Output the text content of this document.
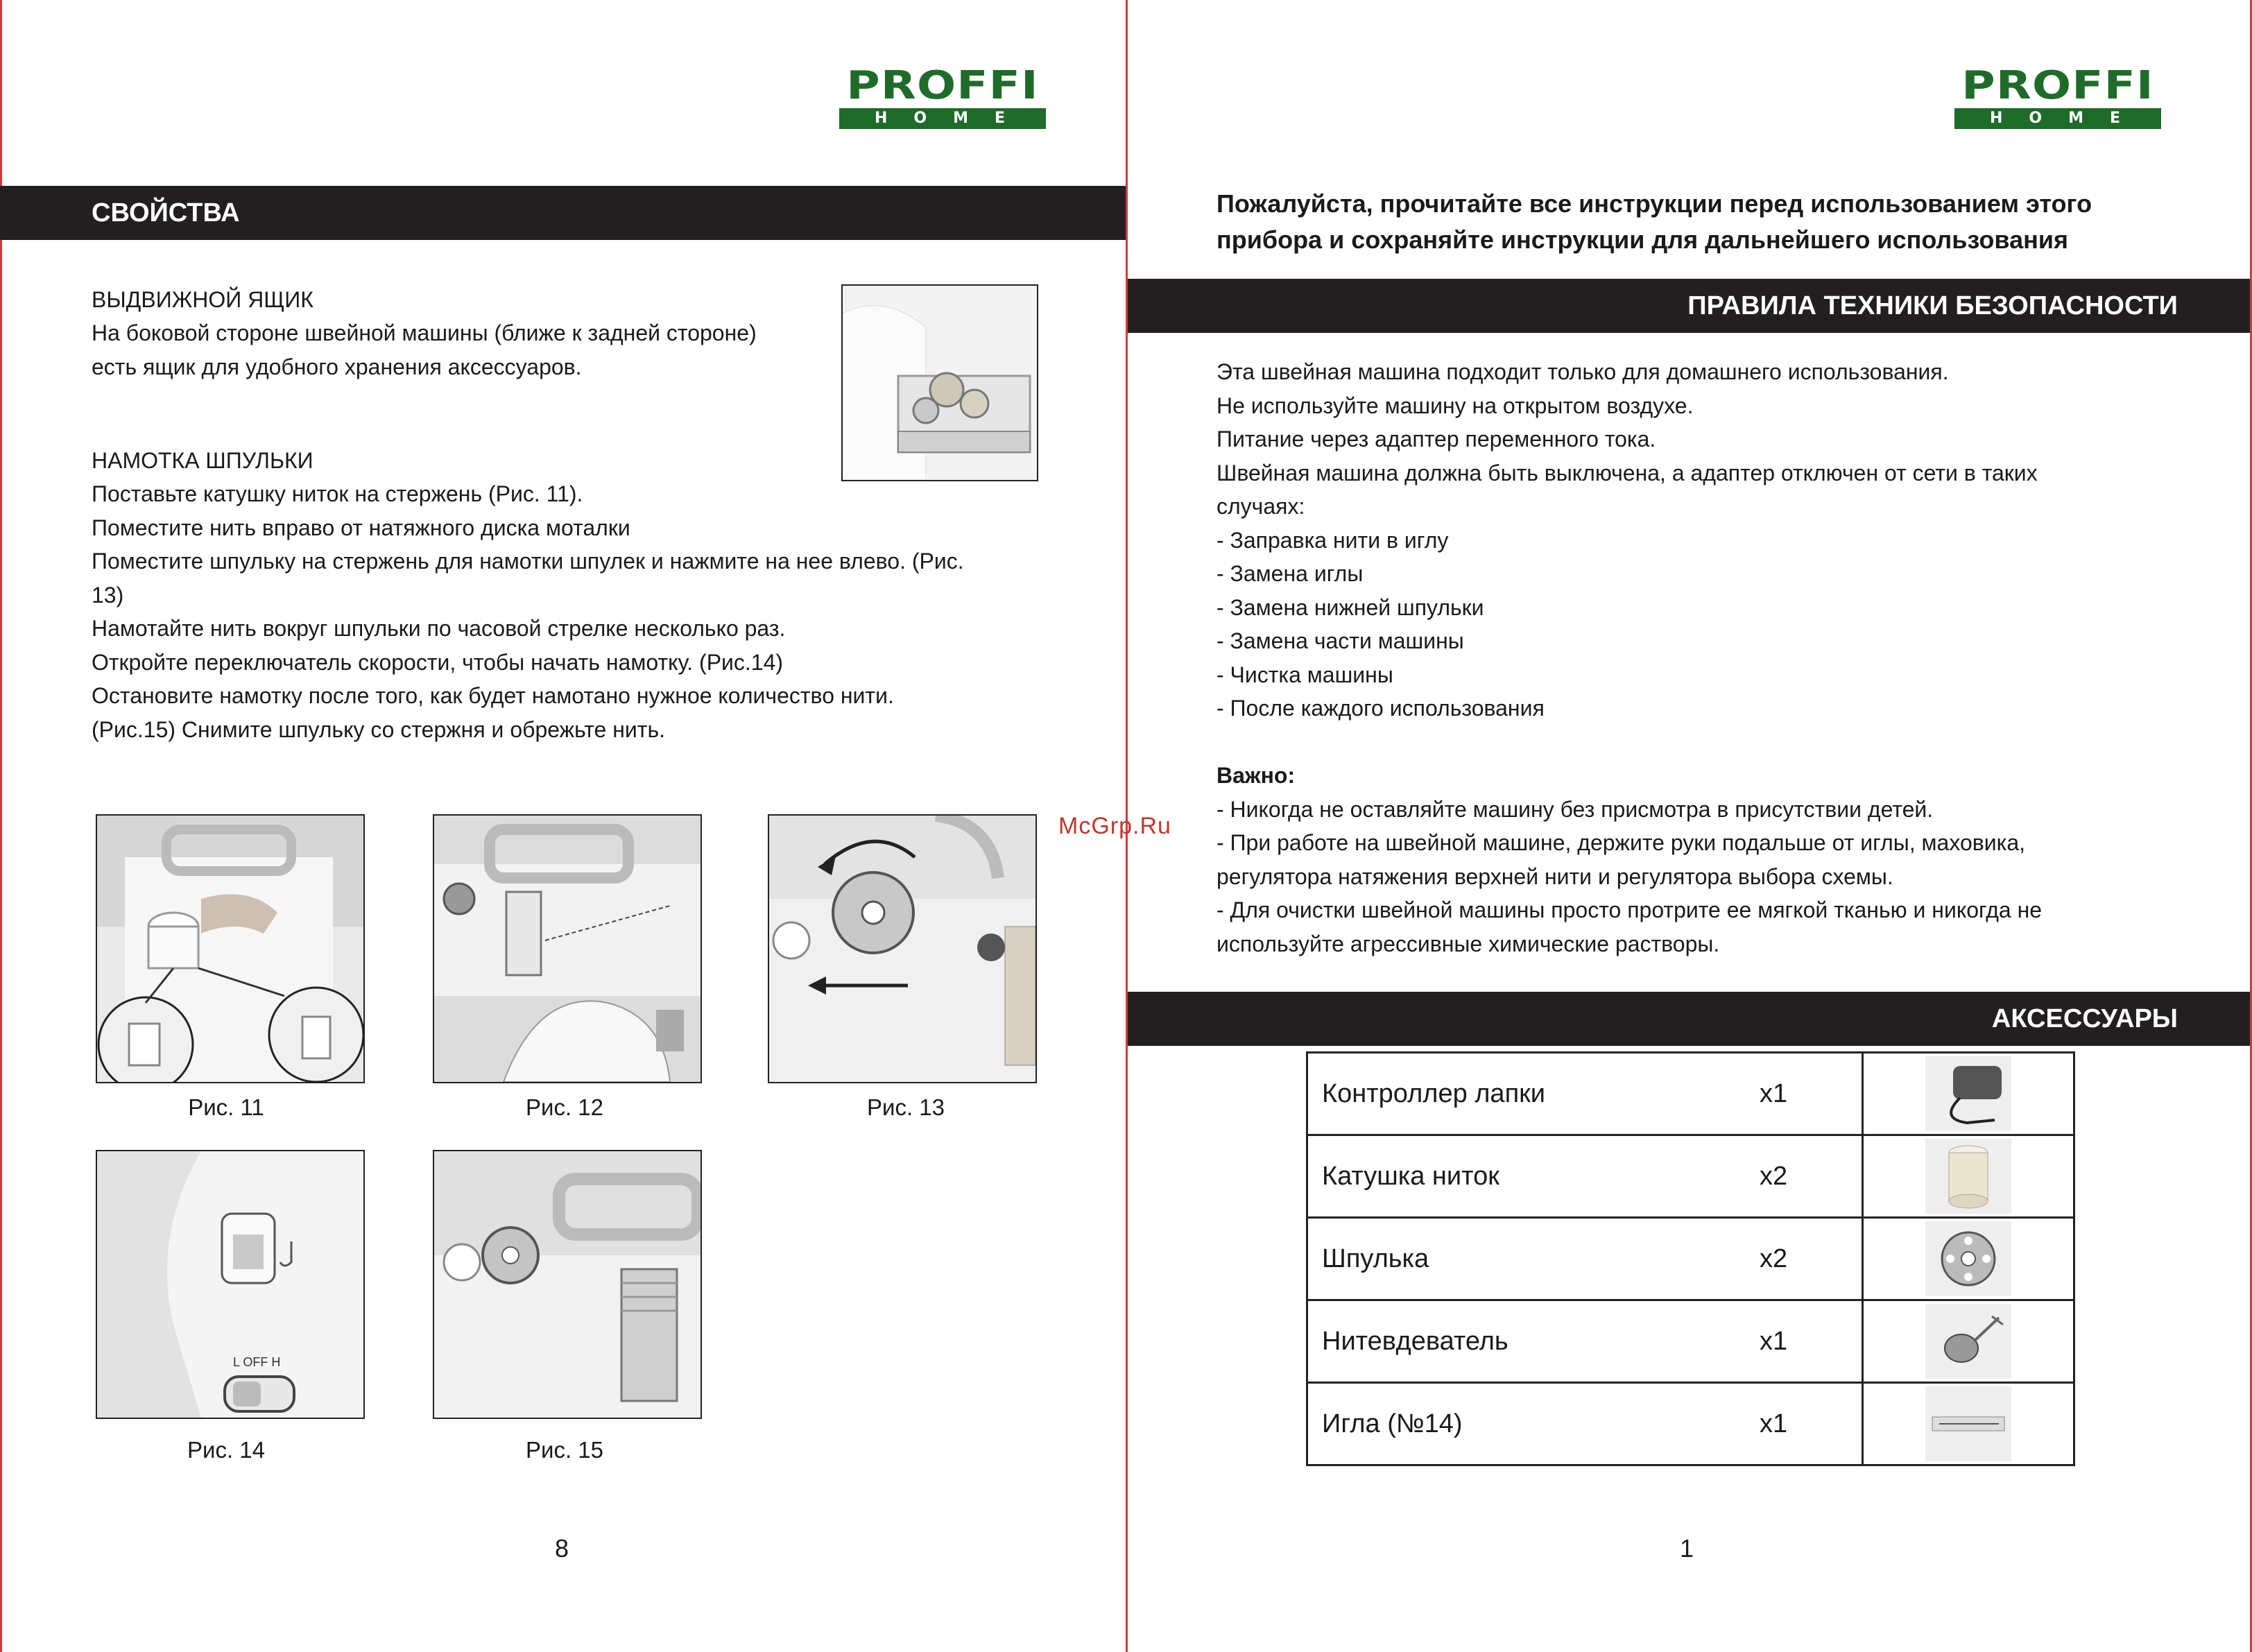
PROFFI
HOME
СВОЙСТВА
ВЫДВИЖНОЙ ЯЩИК
На боковой стороне швейной машины (ближе к задней стороне)
есть ящик для удобного хранения аксессуаров.
НАМОТКА ШПУЛЬКИ
Поставьте катушку ниток на стержень (Рис. 11).
Поместите нить вправо от натяжного диска моталки
Поместите шпульку на стержень для намотки шпулек и нажмите на нее влево. (Рис.
13)
Намотайте нить вокруг шпульки по часовой стрелке несколько раз.
Откройте переключатель скорости, чтобы начать намотку. (Рис.14)
Остановите намотку после того, как будет намотано нужное количество нити.
(Рис.15) Снимите шпульку со стержня и обрежьте нить.
L OFF H
Рис. 11	Рис. 12	Рис. 13
Рис. 14	Рис. 15
8
PROFFI
HOME
Пожалуйста, прочитайте все инструкции перед использованием этого
прибора и сохраняйте инструкции для дальнейшего использования
ПРАВИЛА ТЕХНИКИ БЕЗОПАСНОСТИ
Эта швейная машина подходит только для домашнего использования.
Не используйте машину на открытом воздухе.
Питание через адаптер переменного тока.
Швейная машина должна быть выключена, а адаптер отключен от сети в таких
случаях:
- Заправка нити в иглу
- Замена иглы
- Замена нижней шпульки
- Замена части машины
- Чистка машины
- После каждого использования
Важно:
- Никогда не оставляйте машину без присмотра в присутствии детей.
- При работе на швейной машине, держите руки подальше от иглы, маховика,
регулятора натяжения верхней нити и регулятора выбора схемы.
- Для очистки швейной машины просто протрите ее мягкой тканью и никогда не
используйте агрессивные химические растворы.
McGrp.Ru
АКСЕССУАРЫ
1
Контроллер лапки	x1	

Катушка ниток	x2	

Шпулька	x2	

Нитевдеватель	x1	

Игла (№14)	x1	
